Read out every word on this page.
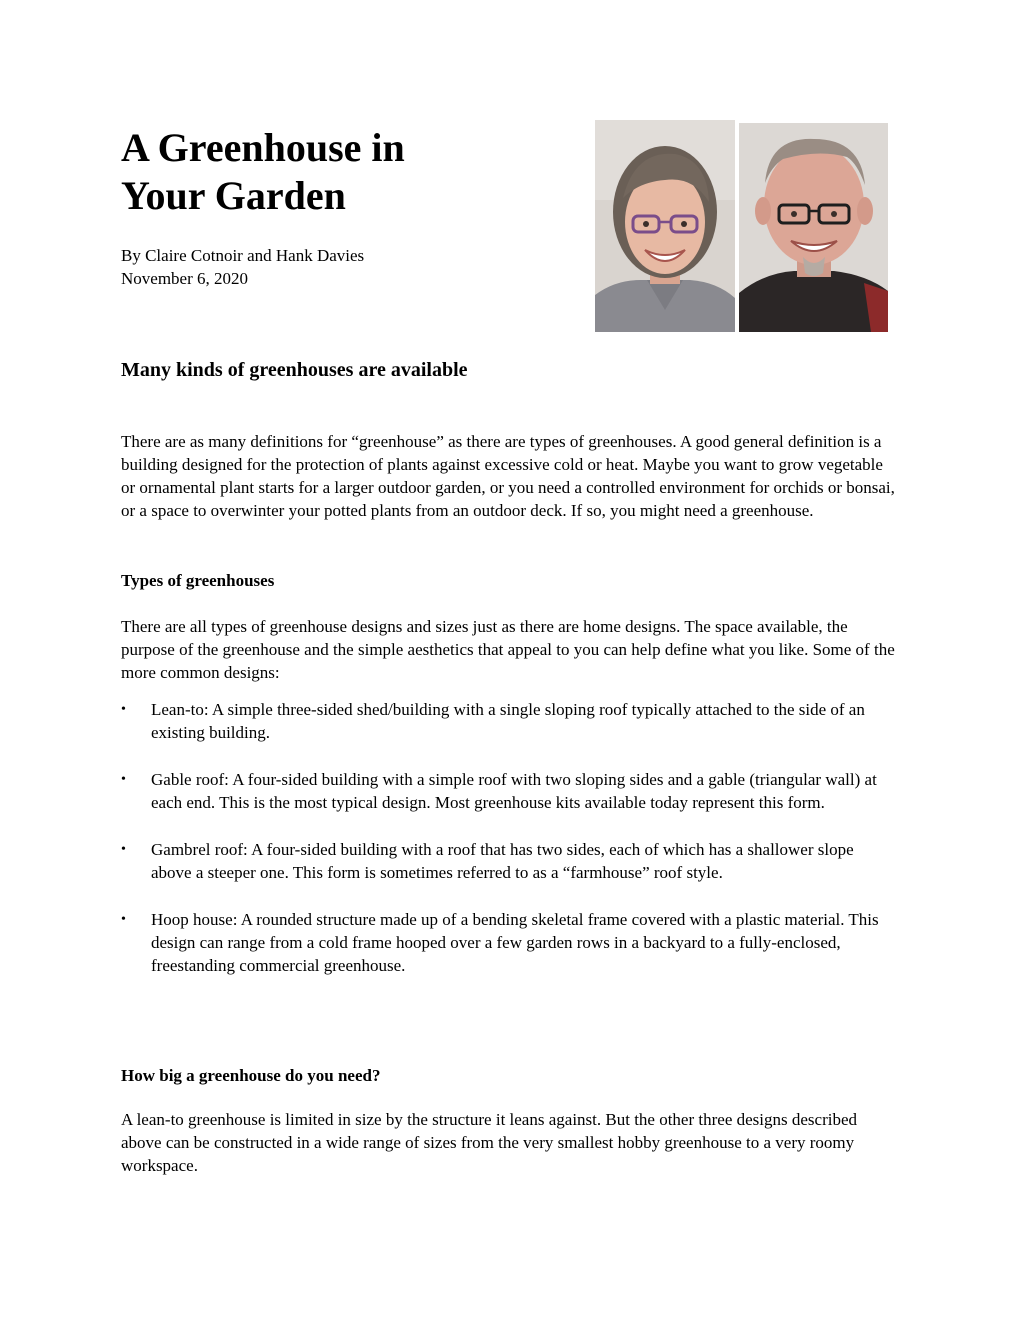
A Greenhouse in
Your Garden
By Claire Cotnoir and Hank Davies
November 6, 2020
Many kinds of greenhouses are available

There are as many definitions for “greenhouse” as there are types of greenhouses. A good general definition is a building designed for the protection of plants against excessive cold or heat. Maybe you want to grow vegetable or ornamental plant starts for a larger outdoor garden, or you need a controlled environment for orchids or bonsai, or a space to overwinter your potted plants from an outdoor deck. If so, you might need a greenhouse.

Types of greenhouses

There are all types of greenhouse designs and sizes just as there are home designs. The space available, the purpose of the greenhouse and the simple aesthetics that appeal to you can help define what you like. Some of the more common designs:

•	Lean-to: A simple three-sided shed/building with a single sloping roof typically attached to the side of an existing building.
•	Gable roof: A four-sided building with a simple roof with two sloping sides and a gable (triangular wall) at each end. This is the most typical design. Most greenhouse kits available today represent this form.
•	Gambrel roof: A four-sided building with a roof that has two sides, each of which has a shallower slope above a steeper one. This form is sometimes referred to as a “farmhouse” roof style.
•	Hoop house: A rounded structure made up of a bending skeletal frame covered with a plastic material. This design can range from a cold frame hooped over a few garden rows in a backyard to a fully-enclosed, freestanding commercial greenhouse.
How big a greenhouse do you need?

A lean-to greenhouse is limited in size by the structure it leans against. But the other three designs described above can be constructed in a wide range of sizes from the very smallest hobby greenhouse to a very roomy workspace.
